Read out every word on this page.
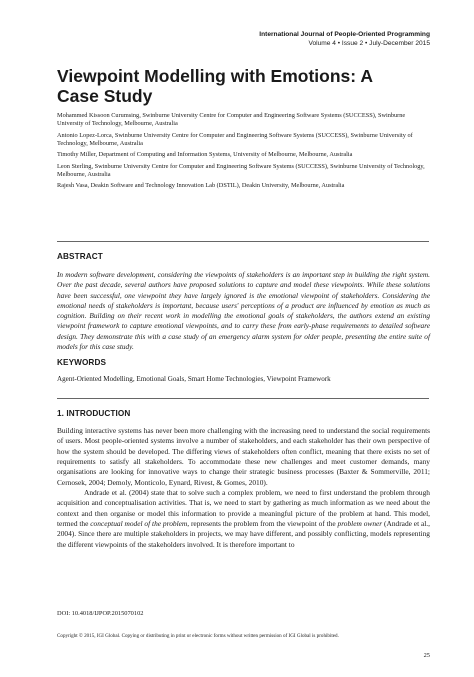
International Journal of People-Oriented Programming
Volume 4 • Issue 2 • July-December 2015
Viewpoint Modelling with Emotions: A Case Study

Mohammed Kissoon Curumsing, Swinburne University Centre for Computer and Engineering Software Systems (SUCCESS), Swinburne University of Technology, Melbourne, Australia

Antonio Lopez-Lorca, Swinburne University Centre for Computer and Engineering Software Systems (SUCCESS), Swinburne University of Technology, Melbourne, Australia

Timothy Miller, Department of Computing and Information Systems, University of Melbourne, Melbourne, Australia

Leon Sterling, Swinburne University Centre for Computer and Engineering Software Systems (SUCCESS), Swinburne University of Technology, Melbourne, Australia

Rajesh Vasa, Deakin Software and Technology Innovation Lab (DSTIL), Deakin University, Melbourne, Australia

ABSTRACT

In modern software development, considering the viewpoints of stakeholders is an important step in building the right system. Over the past decade, several authors have proposed solutions to capture and model these viewpoints. While these solutions have been successful, one viewpoint they have largely ignored is the emotional viewpoint of stakeholders. Considering the emotional needs of stakeholders is important, because users' perceptions of a product are influenced by emotion as much as cognition. Building on their recent work in modelling the emotional goals of stakeholders, the authors extend an existing viewpoint framework to capture emotional viewpoints, and to carry these from early-phase requirements to detailed software design. They demonstrate this with a case study of an emergency alarm system for older people, presenting the entire suite of models for this case study.

KEYWORDS

Agent-Oriented Modelling, Emotional Goals, Smart Home Technologies, Viewpoint Framework

1. INTRODUCTION

Building interactive systems has never been more challenging with the increasing need to understand the social requirements of users. Most people-oriented systems involve a number of stakeholders, and each stakeholder has their own perspective of how the system should be developed. The differing views of stakeholders often conflict, meaning that there exists no set of requirements to satisfy all stakeholders. To accommodate these new challenges and meet customer demands, many organisations are looking for innovative ways to change their strategic business processes (Baxter & Sommerville, 2011; Cernosek, 2004; Demoly, Monticolo, Eynard, Rivest, & Gomes, 2010).

Andrade et al. (2004) state that to solve such a complex problem, we need to first understand the problem through acquisition and conceptualisation activities. That is, we need to start by gathering as much information as we need about the context and then organise or model this information to provide a meaningful picture of the problem at hand. This model, termed the conceptual model of the problem, represents the problem from the viewpoint of the problem owner (Andrade et al., 2004). Since there are multiple stakeholders in projects, we may have different, and possibly conflicting, models representing the different viewpoints of the stakeholders involved. It is therefore important to

DOI: 10.4018/IJPOP.2015070102

Copyright © 2015, IGI Global. Copying or distributing in print or electronic forms without written permission of IGI Global is prohibited.

25
